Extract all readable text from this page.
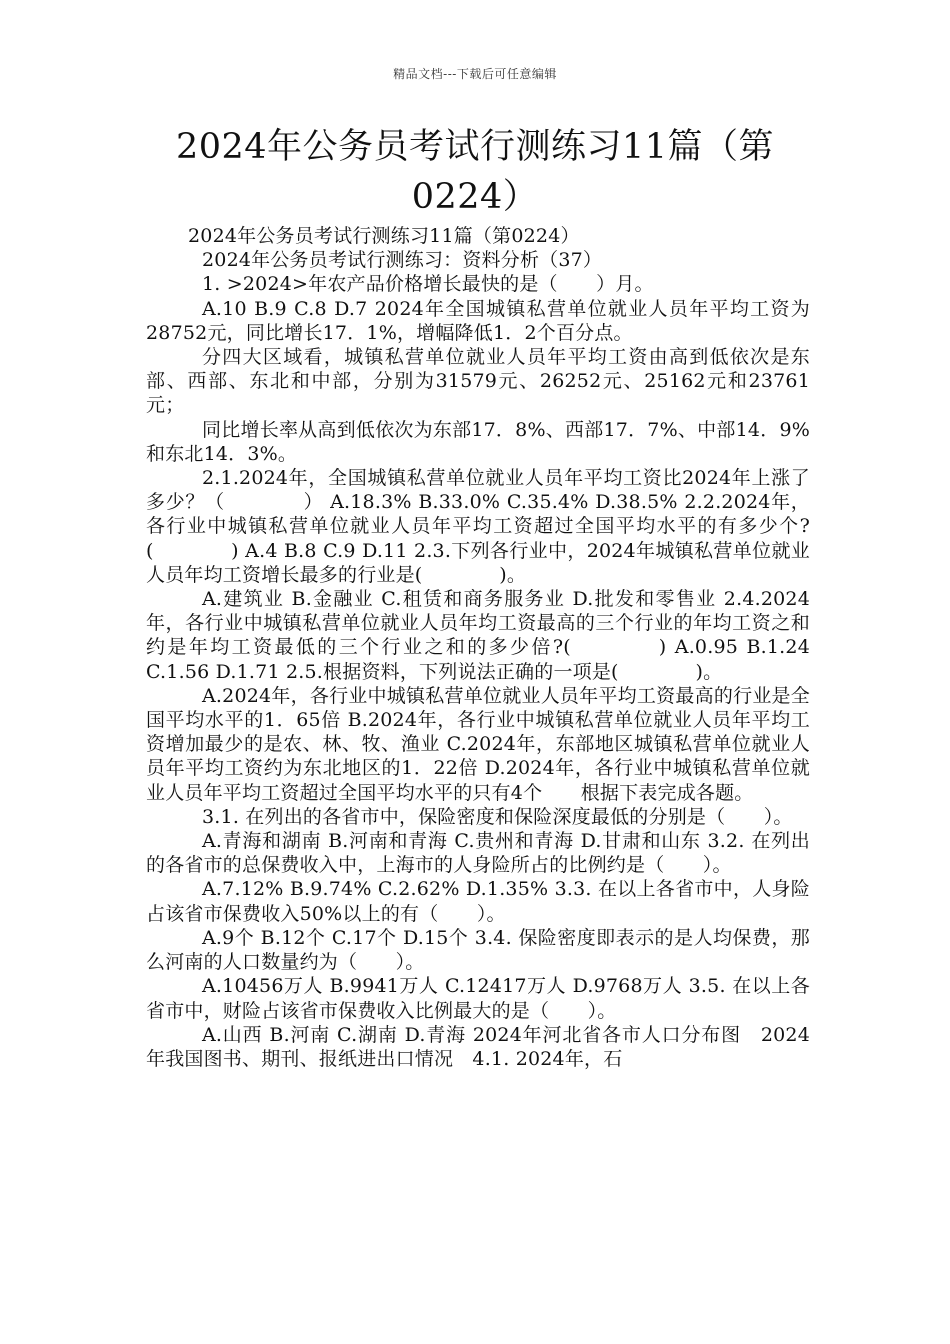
精品文档---下载后可任意编辑
2024年公务员考试行测练习11篇（第0224）

2024年公务员考试行测练习11篇（第0224）

2024年公务员考试行测练习：资料分析（37）

1. >2024>年农产品价格增长最快的是（　　）月。

A.10 B.9 C.8 D.7 2024年全国城镇私营单位就业人员年平均工资为28752元，同比增长17．1%，增幅降低1．2个百分点。

分四大区域看，城镇私营单位就业人员年平均工资由高到低依次是东部、西部、东北和中部，分别为31579元、26252元、25162元和23761元；

同比增长率从高到低依次为东部17．8%、西部17．7%、中部14．9%和东北14．3%。

2.1.2024年，全国城镇私营单位就业人员年平均工资比2024年上涨了多少？（　　　　） A.18.3% B.33.0% C.35.4% D.38.5% 2.2.2024年，各行业中城镇私营单位就业人员年平均工资超过全国平均水平的有多少个?(　　　　) A.4 B.8 C.9 D.11 2.3.下列各行业中，2024年城镇私营单位就业人员年均工资增长最多的行业是(　　　　)。

A.建筑业 B.金融业 C.租赁和商务服务业 D.批发和零售业 2.4.2024年，各行业中城镇私营单位就业人员年均工资最高的三个行业的年均工资之和约是年均工资最低的三个行业之和的多少倍?(　　　　) A.0.95 B.1.24 C.1.56 D.1.71 2.5.根据资料，下列说法正确的一项是(　　　　)。

A.2024年，各行业中城镇私营单位就业人员年平均工资最高的行业是全国平均水平的1．65倍 B.2024年，各行业中城镇私营单位就业人员年平均工资增加最少的是农、林、牧、渔业 C.2024年，东部地区城镇私营单位就业人员年平均工资约为东北地区的1．22倍 D.2024年，各行业中城镇私营单位就业人员年平均工资超过全国平均水平的只有4个　　根据下表完成各题。

3.1. 在列出的各省市中，保险密度和保险深度最低的分别是（　　）。

A.青海和湖南 B.河南和青海 C.贵州和青海 D.甘肃和山东 3.2. 在列出的各省市的总保费收入中，上海市的人身险所占的比例约是（　　）。

A.7.12% B.9.74% C.2.62% D.1.35% 3.3. 在以上各省市中，人身险占该省市保费收入50%以上的有（　　）。

A.9个 B.12个 C.17个 D.15个 3.4. 保险密度即表示的是人均保费，那么河南的人口数量约为（　　）。

A.10456万人 B.9941万人 C.12417万人 D.9768万人 3.5. 在以上各省市中，财险占该省市保费收入比例最大的是（　　）。

A.山西 B.河南 C.湖南 D.青海 2024年河北省各市人口分布图　2024年我国图书、期刊、报纸进出口情况　4.1. 2024年，石
